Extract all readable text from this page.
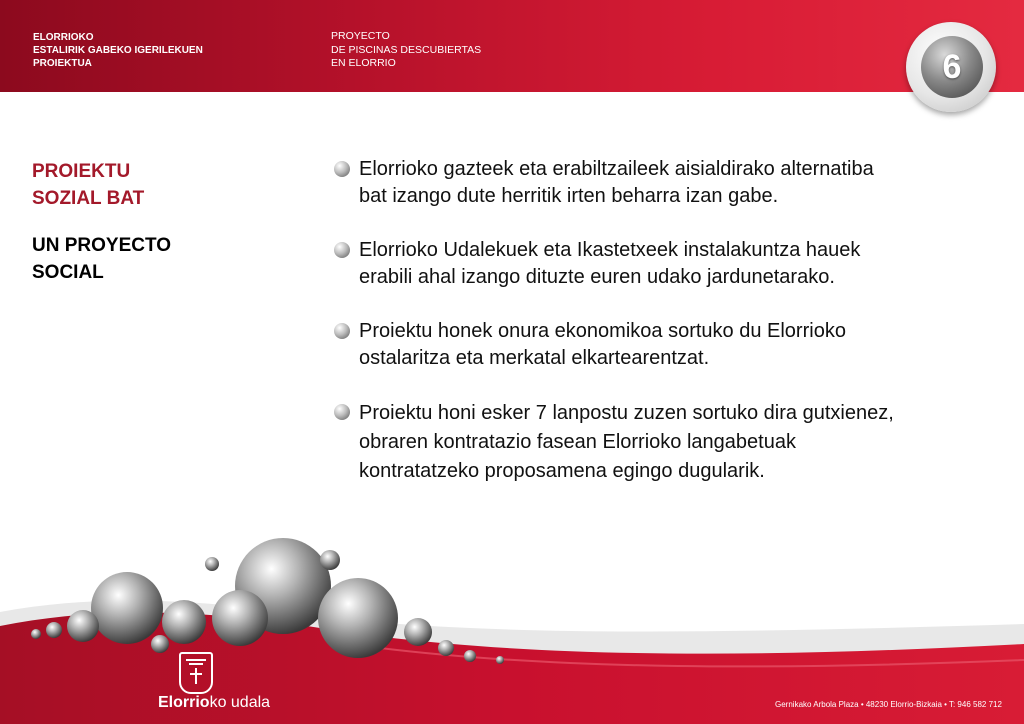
ELORRIOKO
ESTALIRIK GABEKO IGERILEKUEN
PROIEKTUA
PROYECTO
DE PISCINAS DESCUBIERTAS
EN ELORRIO	6
PROIEKTU
SOZIAL BAT
UN PROYECTO
SOCIAL
Elorrioko gazteek eta erabiltzaileek aisialdirako alternatiba
bat izango dute herritik irten beharra izan gabe.
Elorrioko Udalekuek eta Ikastetxeek instalakuntza hauek
erabili ahal izango dituzte euren udako jardunetarako.
Proiektu honek onura ekonomikoa sortuko du Elorrioko
ostalaritza eta merkatal elkartearentzat.
Proiektu honi esker 7 lanpostu zuzen sortuko dira gutxienez,
obraren kontratazio fasean Elorrioko langabetuak
kontratatzeko proposamena egingo dugularik.
Elorrioko udala	Gernikako Arbola Plaza • 48230 Elorrio-Bizkaia • T: 946 582 712
